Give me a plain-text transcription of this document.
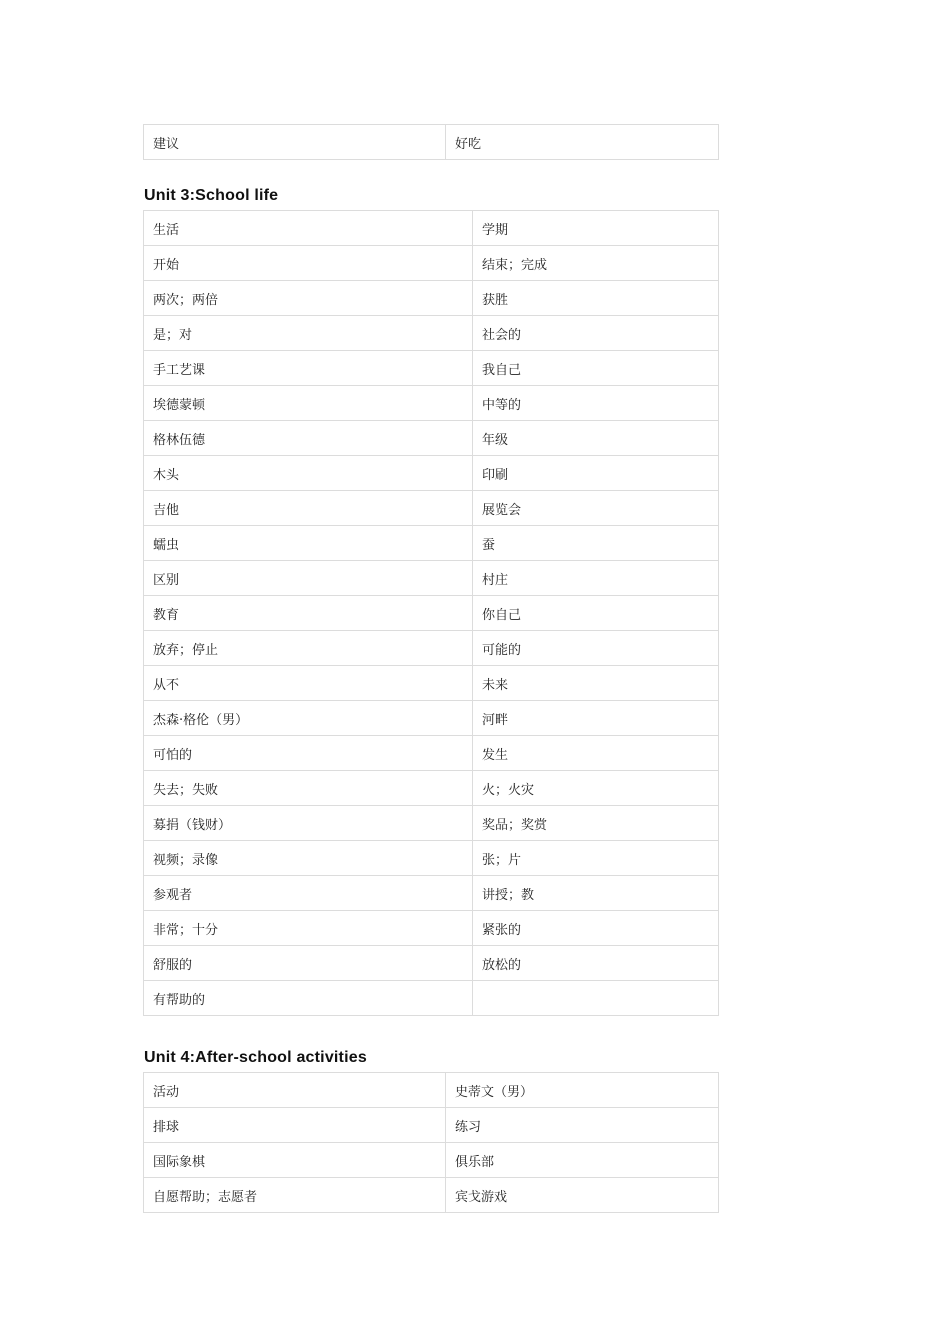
建议	好吃
Unit 3:School life
生活	学期
开始	结束；完成
两次；两倍	获胜
是；对	社会的
手工艺课	我自己
埃德蒙顿	中等的
格林伍德	年级
木头	印刷
吉他	展览会
蠕虫	蚕
区别	村庄
教育	你自己
放弃；停止	可能的
从不	未来
杰森·格伦（男）	河畔
可怕的	发生
失去；失败	火；火灾
募捐（钱财）	奖品；奖赏
视频；录像	张；片
参观者	讲授；教
非常；十分	紧张的
舒服的	放松的
有帮助的	
Unit 4:After-school activities
活动	史蒂文（男）
排球	练习
国际象棋	俱乐部
自愿帮助；志愿者	宾戈游戏
